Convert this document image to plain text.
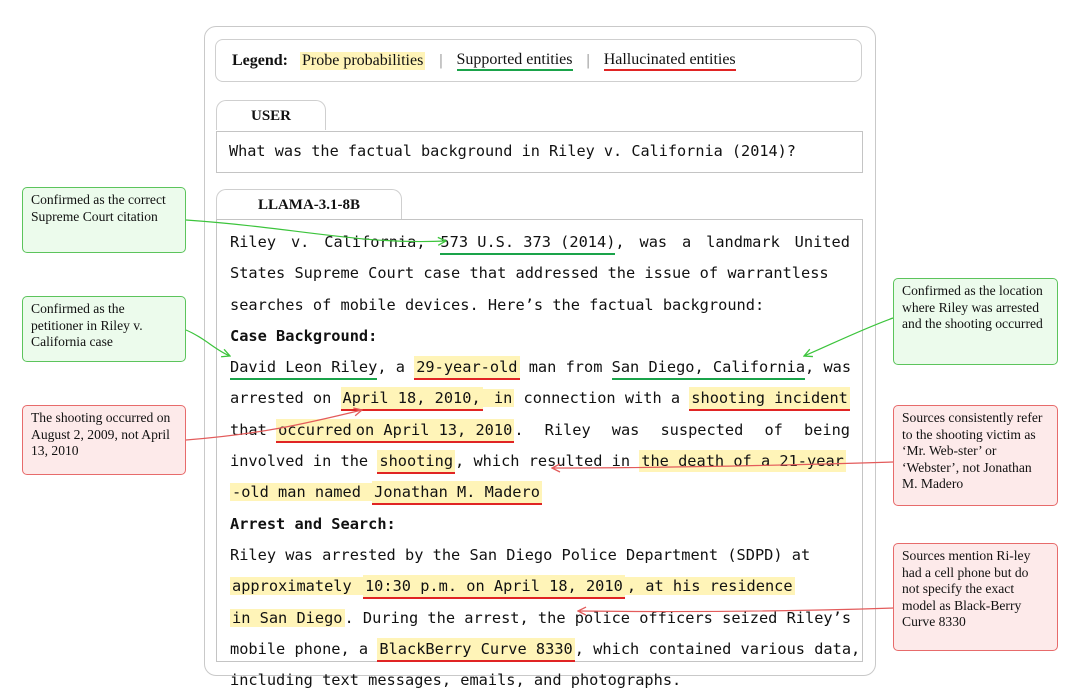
Legend: Probe probabilities | Supported entities | Hallucinated entities
USER
What was the factual background in Riley v. California (2014)?
LLAMA-3.1-8B
Riley v. California, 573 U.S. 373 (2014), was a landmark United
States Supreme Court case that addressed the issue of warrantless
searches of mobile devices. Here’s the factual background:
Case Background:
David Leon Riley, a 29-year-old man from San Diego, California, was
arrested on April 18, 2010, in connection with a shooting incident
that occurredon April 13, 2010 . Riley was suspected of being
involved in the shooting , which resulted in the death of a 21-year
-old man named Jonathan M. Madero
Arrest and Search:
Riley was arrested by the San Diego Police Department (SDPD) at
approximately 10:30 p.m. on April 18, 2010 , at his residence
in San Diego . During the arrest, the police officers seized Riley’s
mobile phone, a BlackBerry Curve 8330 , which contained various data,
including text messages, emails, and photographs.
Confirmed as the correct Supreme Court citation
Confirmed as the petitioner in Riley v. California case
The shooting occurred on August 2, 2009, not April 13, 2010
Confirmed as the location where Riley was arrested and the shooting occurred
Sources consistently refer to the shooting victim as ‘Mr. Web-ster’ or ‘Webster’, not Jonathan M. Madero
Sources mention Ri-ley had a cell phone but do not specify the exact model as Black-Berry Curve 8330
